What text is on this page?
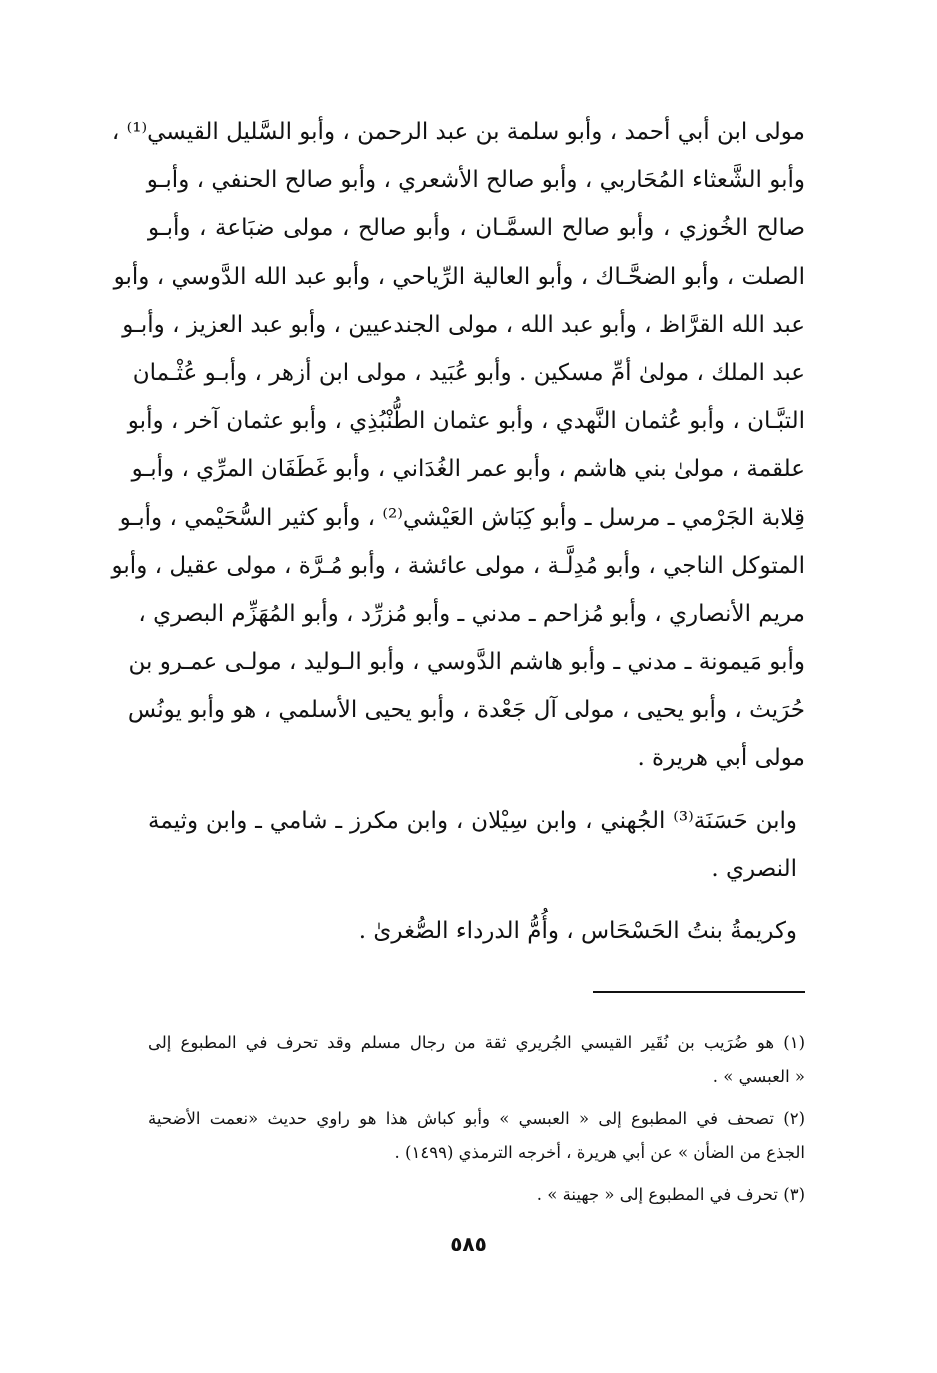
مولى ابن أبي أحمد ، وأبو سلمة بن عبد الرحمن ، وأبو السَّليل القيسي⁽¹⁾ ،
وأبو الشَّعثاء المُحَاربي ، وأبو صالح الأشعري ، وأبو صالح الحنفي ، وأبـو
صالح الخُوزي ، وأبو صالح السمَّـان ، وأبو صالح ، مولى ضبَاعة ، وأبـو
الصلت ، وأبو الضحَّـاك ، وأبو العالية الرِّياحي ، وأبو عبد الله الدَّوسي ، وأبو
عبد الله القرَّاظ ، وأبو عبد الله ، مولى الجندعيين ، وأبو عبد العزيز ، وأبـو
عبد الملك ، مولىٰ أمِّ مسكين . وأبو عُبَيد ، مولى ابن أزهر ، وأبـو عُثْـمان
التبَّـان ، وأبو عُثمان النَّهدي ، وأبو عثمان الطُّنْبُذِي ، وأبو عثمان آخر ، وأبو
علقمة ، مولىٰ بني هاشم ، وأبو عمر الغُدَاني ، وأبو غَطَفَان المرِّي ، وأبـو
قِلابة الجَرْمي ـ مرسل ـ وأبو كِبَاش العَيْشي⁽²⁾ ، وأبو كثير السُّحَيْمي ، وأبـو
المتوكل الناجي ، وأبو مُدِلَّـة ، مولى عائشة ، وأبو مُـرَّة ، مولى عقيل ، وأبو
مريم الأنصاري ، وأبو مُزاحم ـ مدني ـ وأبو مُزرِّد ، وأبو المُهَزِّم البصري ،
وأبو مَيمونة ـ مدني ـ وأبو هاشم الدَّوسي ، وأبو الـوليد ، مولـى عمـرو بن
حُرَيث ، وأبو يحيى ، مولى آل جَعْدة ، وأبو يحيى الأسلمي ، هو وأبو يونُس
مولى أبي هريرة .
وابن حَسَنَة⁽³⁾ الجُهني ، وابن سِيْلان ، وابن مكرز ـ شامي ـ وابن وثيمة
النصري .
وكريمةُ بنتُ الحَسْحَاس ، وأُمُّ الدرداء الصُّغرىٰ .
(١) هو ضُرَيب بن نُقَير القيسي الجُريري ثقة من رجال مسلم وقد تحرف في المطبوع إلى
« العبسي » .
(٢) تصحف في المطبوع إلى « العبسي » وأبو كباش هذا هو راوي حديث «نعمت الأضحية
الجذع من الضأن » عن أبي هريرة ، أخرجه الترمذي (١٤٩٩) .
(٣) تحرف في المطبوع إلى « جهينة » .
٥٨٥
